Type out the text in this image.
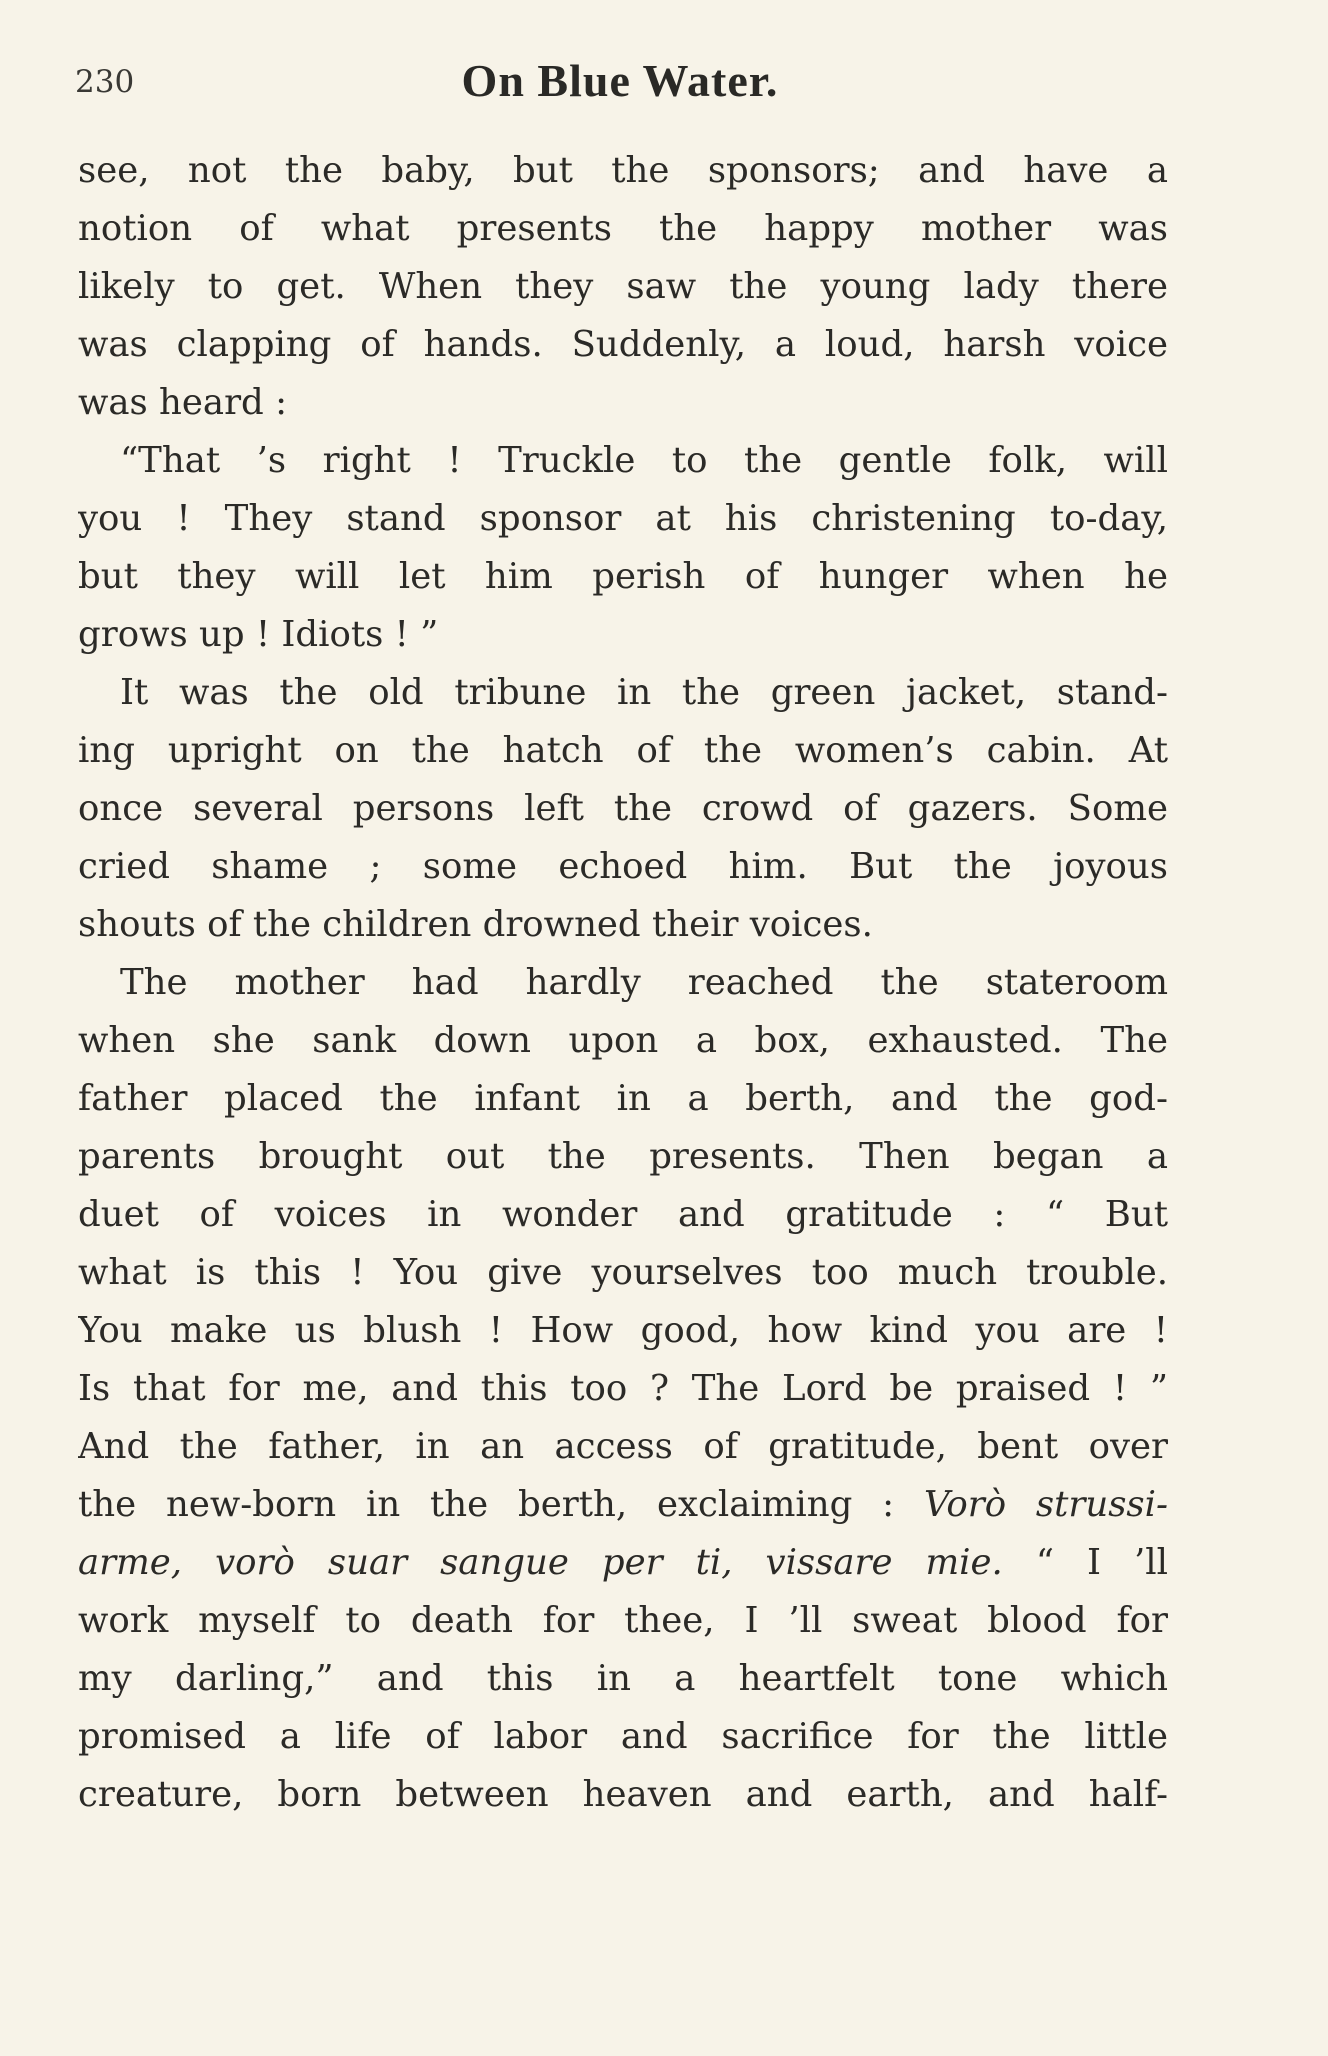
230	On Blue Water.
see, not the baby, but the sponsors; and have a
notion of what presents the happy mother was
likely to get. When they saw the young lady there
was clapping of hands. Suddenly, a loud, harsh voice
was heard :
“That ’s right ! Truckle to the gentle folk, will
you ! They stand sponsor at his christening to-day,
but they will let him perish of hunger when he
grows up ! Idiots ! ”
It was the old tribune in the green jacket, stand-
ing upright on the hatch of the women’s cabin. At
once several persons left the crowd of gazers. Some
cried shame ; some echoed him. But the joyous
shouts of the children drowned their voices.
The mother had hardly reached the stateroom
when she sank down upon a box, exhausted. The
father placed the infant in a berth, and the god-
parents brought out the presents. Then began a
duet of voices in wonder and gratitude : “ But
what is this ! You give yourselves too much trouble.
You make us blush ! How good, how kind you are !
Is that for me, and this too ? The Lord be praised ! ”
And the father, in an access of gratitude, bent over
the new-born in the berth, exclaiming : Vorò strussi-
arme, vorò suar sangue per ti, vissare mie. “ I ’ll
work myself to death for thee, I ’ll sweat blood for
my darling,” and this in a heartfelt tone which
promised a life of labor and sacrifice for the little
creature, born between heaven and earth, and half-
